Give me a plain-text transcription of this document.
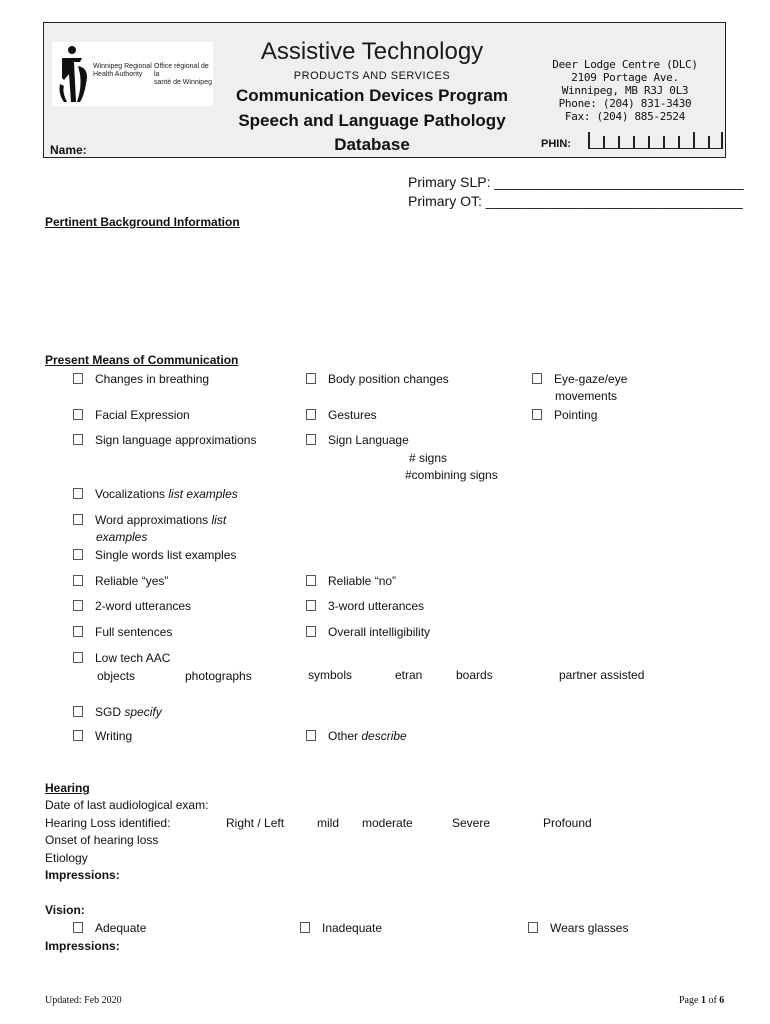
Winnipeg Regional
Health Authority
Office régional de la
santé de Winnipeg
Assistive Technology
PRODUCTS AND SERVICES
Communication Devices Program
Speech and Language Pathology
Database
Deer Lodge Centre (DLC)
2109 Portage Ave.
Winnipeg, MB R3J 0L3
Phone: (204) 831-3430
Fax: (204) 885-2524
Name:	PHIN:
Primary SLP: ________________________________
Primary OT: _________________________________
Pertinent Background Information
Present Means of Communication
Changes in breathing	Body position changes	Eye-gaze/eye
movements
Facial Expression	Gestures	Pointing
Sign language approximations	Sign Language
# signs
#combining signs
Vocalizations list examples
Word approximations list
examples
Single words list examples
Reliable “yes”	Reliable “no”
2-word utterances	3-word utterances
Full sentences	Overall intelligibility
Low tech AAC
objects	photographs	symbols	etran	boards	partner assisted
SGD specify
Writing	Other describe
Hearing
Date of last audiological exam:
Hearing Loss identified:	Right / Left	mild moderate	Severe	Profound
Onset of hearing loss
Etiology
Impressions:
Vision:
Adequate	Inadequate	Wears glasses
Impressions:
Updated: Feb 2020	Page 1 of 6
